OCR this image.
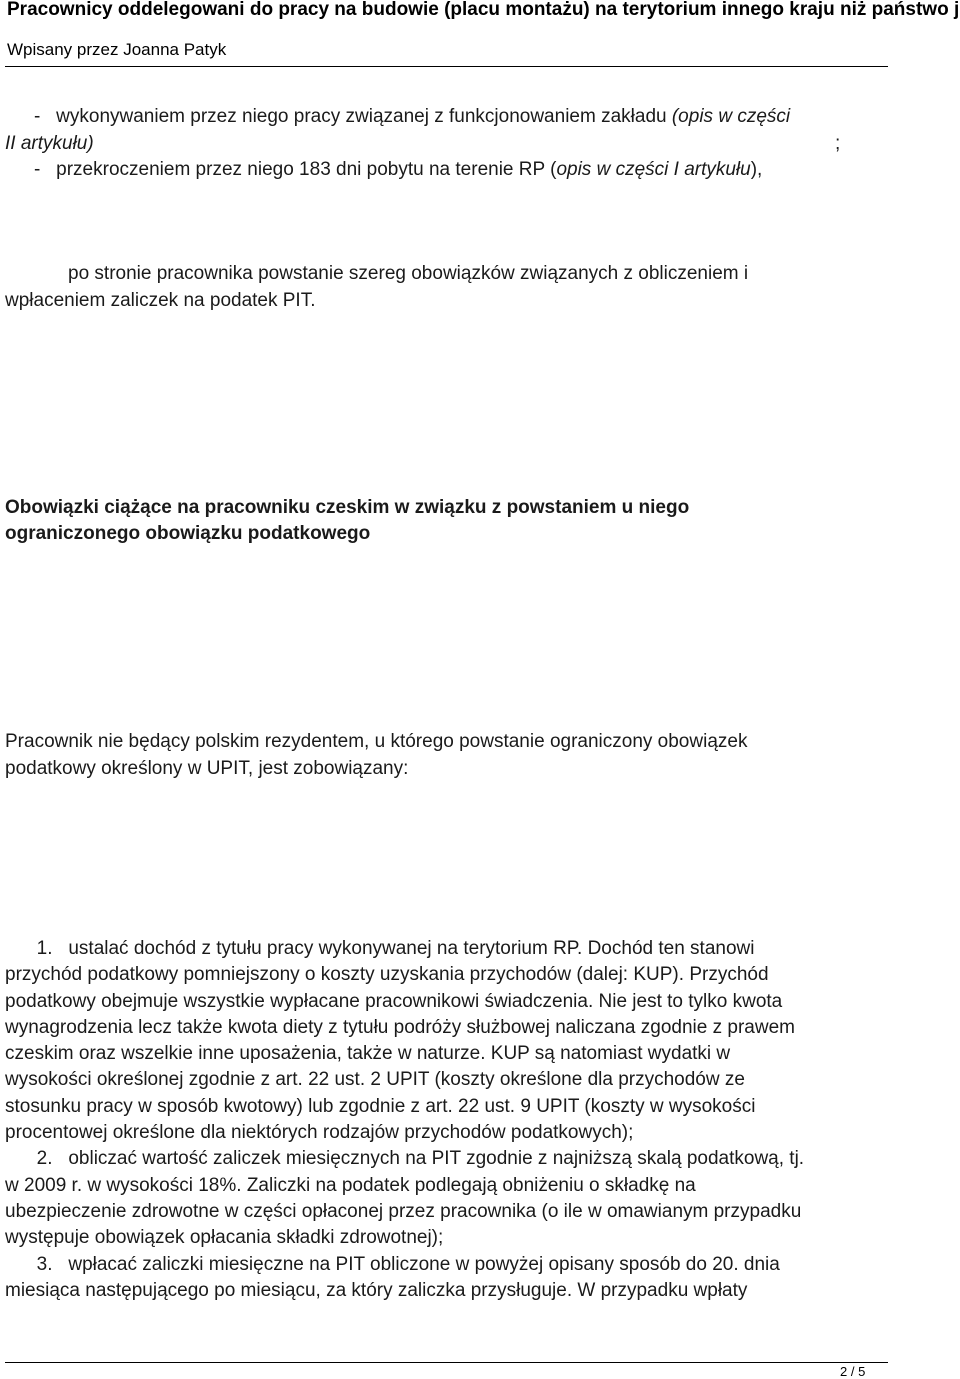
Pracownicy oddelegowani do pracy na budowie (placu montażu) na terytorium innego kraju niż państwo j
Wpisany przez Joanna Patyk
-   wykonywaniem przez niego pracy związanej z funkcjonowaniem zakładu (opis w części
II artykułu)	;
-   przekroczeniem przez niego 183 dni pobytu na terenie RP (opis w części I artykułu),
po stronie pracownika powstanie szereg obowiązków związanych z obliczeniem i
wpłaceniem zaliczek na podatek PIT.
Obowiązki ciążące na pracowniku czeskim w związku z powstaniem u niego
ograniczonego obowiązku podatkowego
Pracownik nie będący polskim rezydentem, u którego powstanie ograniczony obowiązek
podatkowy określony w UPIT, jest zobowiązany:
1.   ustalać dochód z tytułu pracy wykonywanej na terytorium RP. Dochód ten stanowi
przychód podatkowy pomniejszony o koszty uzyskania przychodów (dalej: KUP). Przychód
podatkowy obejmuje wszystkie wypłacane pracownikowi świadczenia. Nie jest to tylko kwota
wynagrodzenia lecz także kwota diety z tytułu podróży służbowej naliczana zgodnie z prawem
czeskim oraz wszelkie inne uposażenia, także w naturze. KUP są natomiast wydatki w
wysokości określonej zgodnie z art. 22 ust. 2 UPIT (koszty określone dla przychodów ze
stosunku pracy w sposób kwotowy) lub zgodnie z art. 22 ust. 9 UPIT (koszty w wysokości
procentowej określone dla niektórych rodzajów przychodów podatkowych);
2.   obliczać wartość zaliczek miesięcznych na PIT zgodnie z najniższą skalą podatkową, tj.
w 2009 r. w wysokości 18%. Zaliczki na podatek podlegają obniżeniu o składkę na
ubezpieczenie zdrowotne w części opłaconej przez pracownika (o ile w omawianym przypadku
występuje obowiązek opłacania składki zdrowotnej);
3.   wpłacać zaliczki miesięczne na PIT obliczone w powyżej opisany sposób do 20. dnia
miesiąca następującego po miesiącu, za który zaliczka przysługuje. W przypadku wpłaty
2 / 5
